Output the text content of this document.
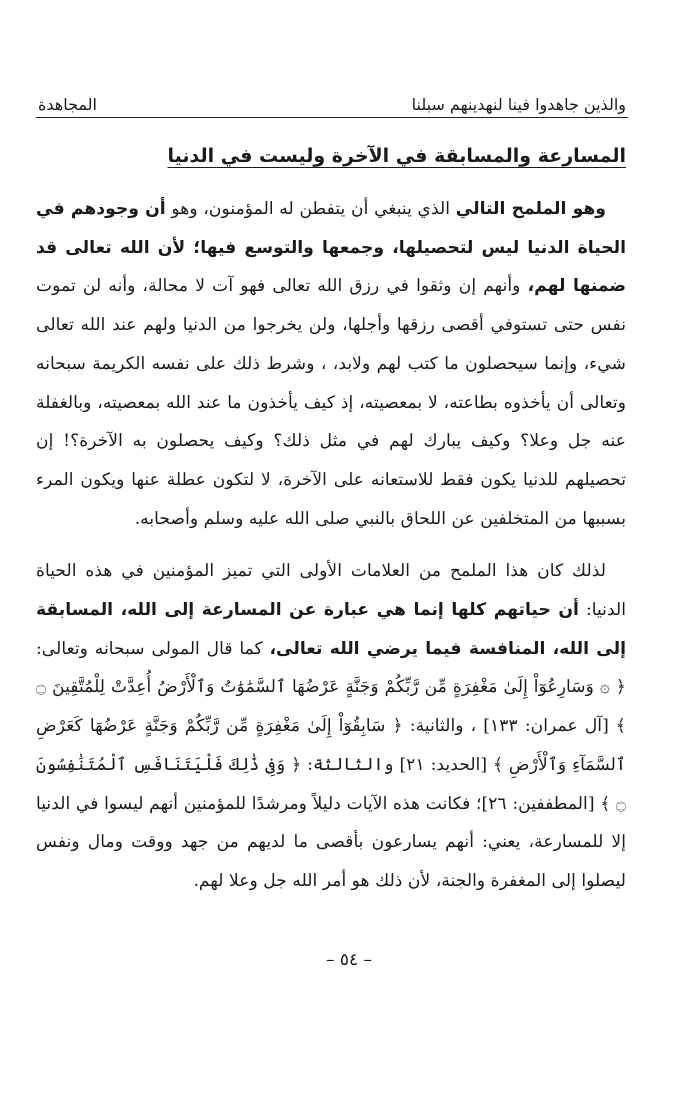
والذين جاهدوا فينا لنهدينهم سبلنا
المجاهدة
المسارعة والمسابقة في الآخرة وليست في الدنيا

وهو الملمح التالي الذي ينبغي أن يتفطن له المؤمنون، وهو أن وجودهم في الحياة الدنيا ليس لتحصيلها، وجمعها والتوسع فيها؛ لأن الله تعالى قد ضمنها لهم، وأنهم إن وثقوا في رزق الله تعالى فهو آت لا محالة، وأنه لن تموت نفس حتى تستوفي أقصى رزقها وأجلها، ولن يخرجوا من الدنيا ولهم عند الله تعالى شيء، وإنما سيحصلون ما كتب لهم ولابد، ، وشرط ذلك على نفسه الكريمة سبحانه وتعالى أن يأخذوه بطاعته، لا بمعصيته، إذ كيف يأخذون ما عند الله بمعصيته، وبالغفلة عنه جل وعلا؟ وكيف يبارك لهم في مثل ذلك؟ وكيف يحصلون به الآخرة؟! إن تحصيلهم للدنيا يكون فقط للاستعانه على الآخرة، لا لتكون عطلة عنها ويكون المرء بسببها من المتخلفين عن اللحاق بالنبي صلى الله عليه وسلم وأصحابه.

لذلك كان هذا الملمح من العلامات الأولى التي تميز المؤمنين في هذه الحياة الدنيا: أن حياتهم كلها إنما هي عبارة عن المسارعة إلى الله، المسابقة إلى الله، المنافسة فيما يرضي الله تعالى، كما قال المولى سبحانه وتعالى: ﴿ ۞ وَسَارِعُوٓاْ إِلَىٰ مَغْفِرَةٍ مِّن رَّبِّكُمْ وَجَنَّةٍ عَرْضُهَا ٱلسَّمَٰوَٰتُ وَٱلْأَرْضُ أُعِدَّتْ لِلْمُتَّقِينَ ۝ ﴾ [آل عمران: ١٣٣] ، والثانية: ﴿ سَابِقُوٓاْ إِلَىٰ مَغْفِرَةٍ مِّن رَّبِّكُمْ وَجَنَّةٍ عَرْضُهَا كَعَرْضِ ٱلسَّمَآءِ وَٱلْأَرْضِ ﴾ [الحديد: ٢١] والثالثة: ﴿ وَفِى ذَٰلِكَ فَلْيَتَنَافَسِ ٱلْمُتَنَٰفِسُونَ ۝ ﴾ [المطففين: ٢٦]؛ فكانت هذه الآيات دليلاً ومرشدًا للمؤمنين أنهم ليسوا في الدنيا إلا للمسارعة، يعني: أنهم يسارعون بأقصى ما لديهم من جهد ووقت ومال ونفس ليصلوا إلى المغفرة والجنة، لأن ذلك هو أمر الله جل وعلا لهم.

– ٥٤ –
